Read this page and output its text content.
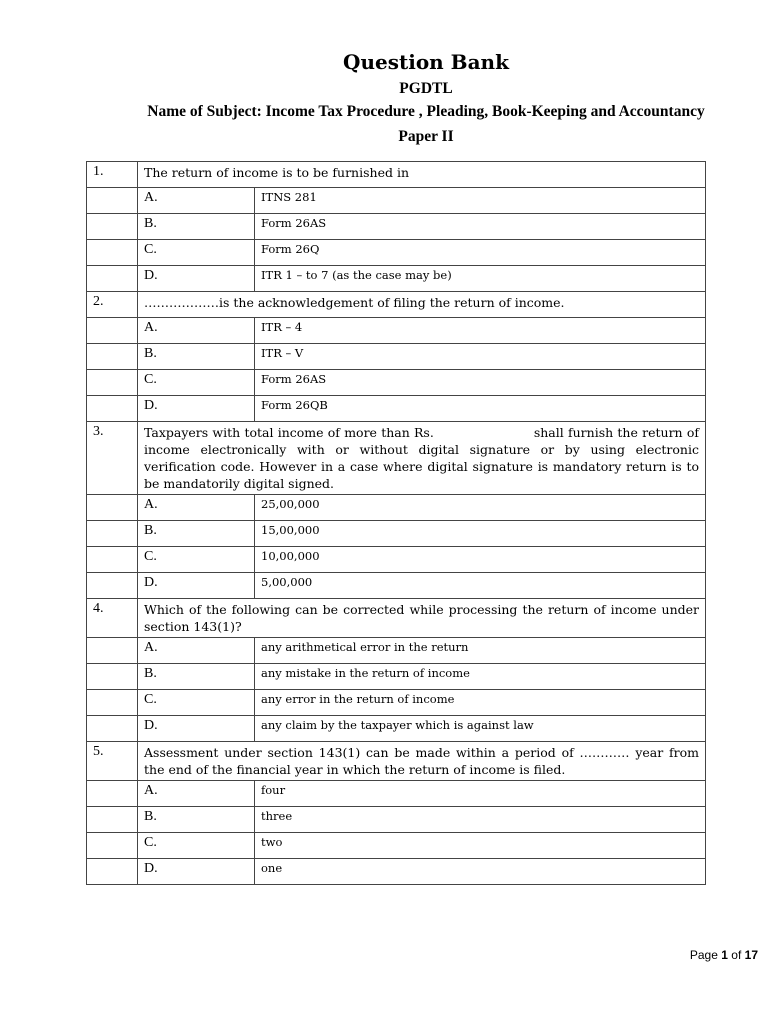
Question Bank
PGDTL
Name of Subject: Income Tax Procedure , Pleading, Book-Keeping and Accountancy
Paper II
1.	The return of income is to be furnished in	
	A.	ITNS 281
	B.	Form 26AS
	C.	Form 26Q
	D.	ITR 1 – to 7 (as the case may be)
2.	………………is the acknowledgement of filing the return of income.	
	A.	ITR – 4
	B.	ITR – V
	C.	Form 26AS
	D.	Form 26QB
3.	Taxpayers with total income of more than Rs. shall furnish the return of income electronically with or without digital signature or by using electronic verification code. However in a case where digital signature is mandatory return is to be mandatorily digital signed.	
	A.	25,00,000
	B.	15,00,000
	C.	10,00,000
	D.	5,00,000
4.	Which of the following can be corrected while processing the return of income under section 143(1)?	
	A.	any arithmetical error in the return
	B.	any mistake in the return of income
	C.	any error in the return of income
	D.	any claim by the taxpayer which is against law
5.	Assessment under section 143(1) can be made within a period of ………… year from the end of the financial year in which the return of income is filed.	
	A.	four
	B.	three
	C.	two
	D.	one
Page 1 of 17
